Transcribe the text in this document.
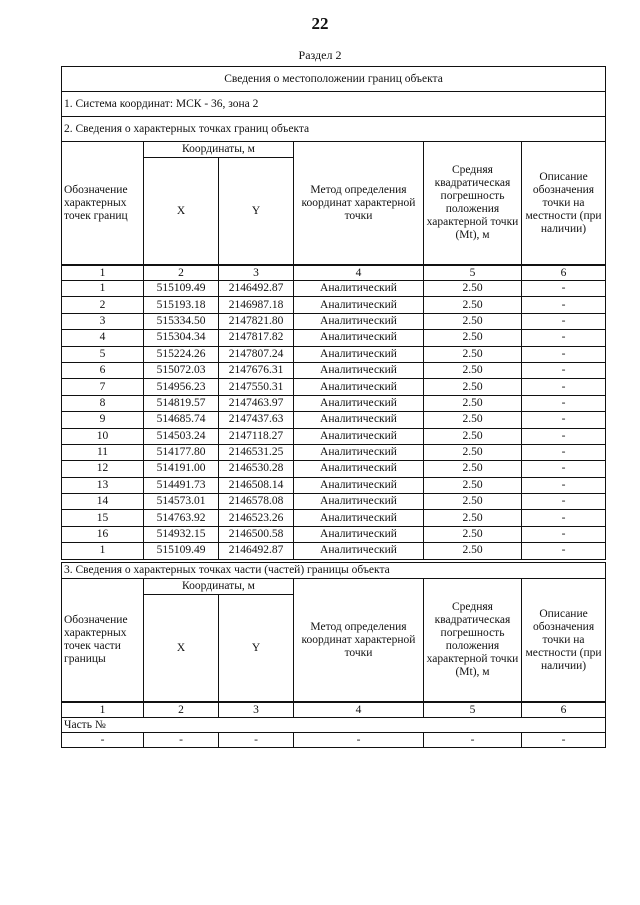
22
Раздел 2
Сведения о местоположении границ объекта					
1. Система координат: МСК - 36, зона 2					
2. Сведения о характерных точках границ объекта					
Обозначение характерных точек границ	Координаты, м		Метод определения координат характерной точки	Средняя квадратическая погрешность положения характерной точки (Mt), м	Описание обозначения точки на местности (при наличии)
	X	Y			
1	2	3	4	5	6
1	515109.49	2146492.87	Аналитический	2.50	-
2	515193.18	2146987.18	Аналитический	2.50	-
3	515334.50	2147821.80	Аналитический	2.50	-
4	515304.34	2147817.82	Аналитический	2.50	-
5	515224.26	2147807.24	Аналитический	2.50	-
6	515072.03	2147676.31	Аналитический	2.50	-
7	514956.23	2147550.31	Аналитический	2.50	-
8	514819.57	2147463.97	Аналитический	2.50	-
9	514685.74	2147437.63	Аналитический	2.50	-
10	514503.24	2147118.27	Аналитический	2.50	-
11	514177.80	2146531.25	Аналитический	2.50	-
12	514191.00	2146530.28	Аналитический	2.50	-
13	514491.73	2146508.14	Аналитический	2.50	-
14	514573.01	2146578.08	Аналитический	2.50	-
15	514763.92	2146523.26	Аналитический	2.50	-
16	514932.15	2146500.58	Аналитический	2.50	-
1	515109.49	2146492.87	Аналитический	2.50	-
3. Сведения о характерных точках части (частей) границы объекта					
Обозначение характерных точек части границы	Координаты, м		Метод определения координат характерной точки	Средняя квадратическая погрешность положения характерной точки (Mt), м	Описание обозначения точки на местности (при наличии)
	X	Y			
1	2	3	4	5	6
Часть №					
-	-	-	-	-	-
